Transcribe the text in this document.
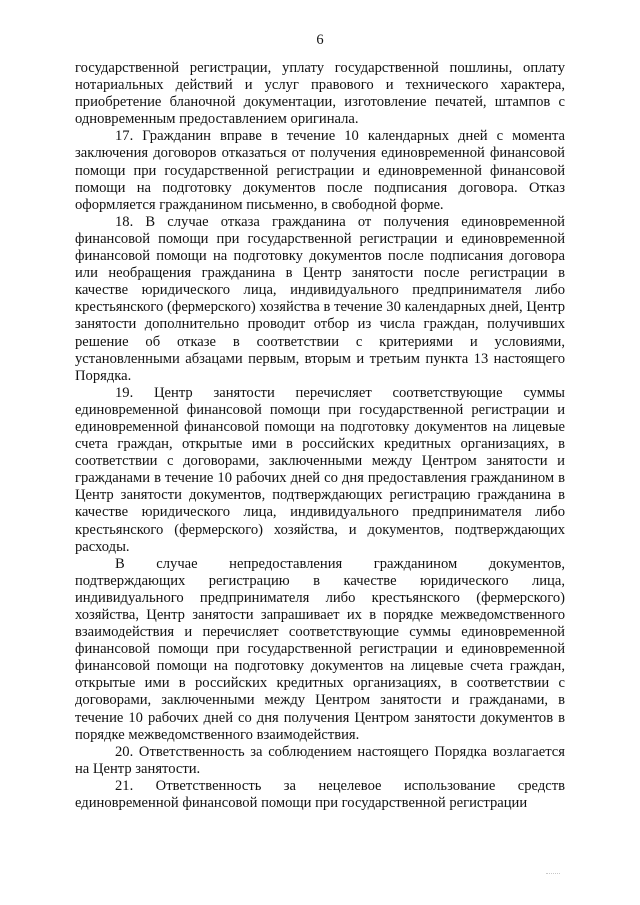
6

государственной регистрации, уплату государственной пошлины, оплату нотариальных действий и услуг правового и технического характера, приобретение бланочной документации, изготовление печатей, штампов с одновременным предоставлением оригинала.

17. Гражданин вправе в течение 10 календарных дней с момента заключения договоров отказаться от получения единовременной финансовой помощи при государственной регистрации и единовременной финансовой помощи на подготовку документов после подписания договора. Отказ оформляется гражданином письменно, в свободной форме.

18. В случае отказа гражданина от получения единовременной финансовой помощи при государственной регистрации и единовременной финансовой помощи на подготовку документов после подписания договора или необращения гражданина в Центр занятости после регистрации в качестве юридического лица, индивидуального предпринимателя либо крестьянского (фермерского) хозяйства в течение 30 календарных дней, Центр занятости дополнительно проводит отбор из числа граждан, получивших решение об отказе в соответствии с критериями и условиями, установленными абзацами первым, вторым и третьим пункта 13 настоящего Порядка.

19. Центр занятости перечисляет соответствующие суммы единовременной финансовой помощи при государственной регистрации и единовременной финансовой помощи на подготовку документов на лицевые счета граждан, открытые ими в российских кредитных организациях, в соответствии с договорами, заключенными между Центром занятости и гражданами в течение 10 рабочих дней со дня предоставления гражданином в Центр занятости документов, подтверждающих регистрацию гражданина в качестве юридического лица, индивидуального предпринимателя либо крестьянского (фермерского) хозяйства, и документов, подтверждающих расходы.

В случае непредоставления гражданином документов, подтверждающих регистрацию в качестве юридического лица, индивидуального предпринимателя либо крестьянского (фермерского) хозяйства, Центр занятости запрашивает их в порядке межведомственного взаимодействия и перечисляет соответствующие суммы единовременной финансовой помощи при государственной регистрации и единовременной финансовой помощи на подготовку документов на лицевые счета граждан, открытые ими в российских кредитных организациях, в соответствии с договорами, заключенными между Центром занятости и гражданами, в течение 10 рабочих дней со дня получения Центром занятости документов в порядке межведомственного взаимодействия.

20. Ответственность за соблюдением настоящего Порядка возлагается на Центр занятости.

21. Ответственность за нецелевое использование средств единовременной финансовой помощи при государственной регистрации
